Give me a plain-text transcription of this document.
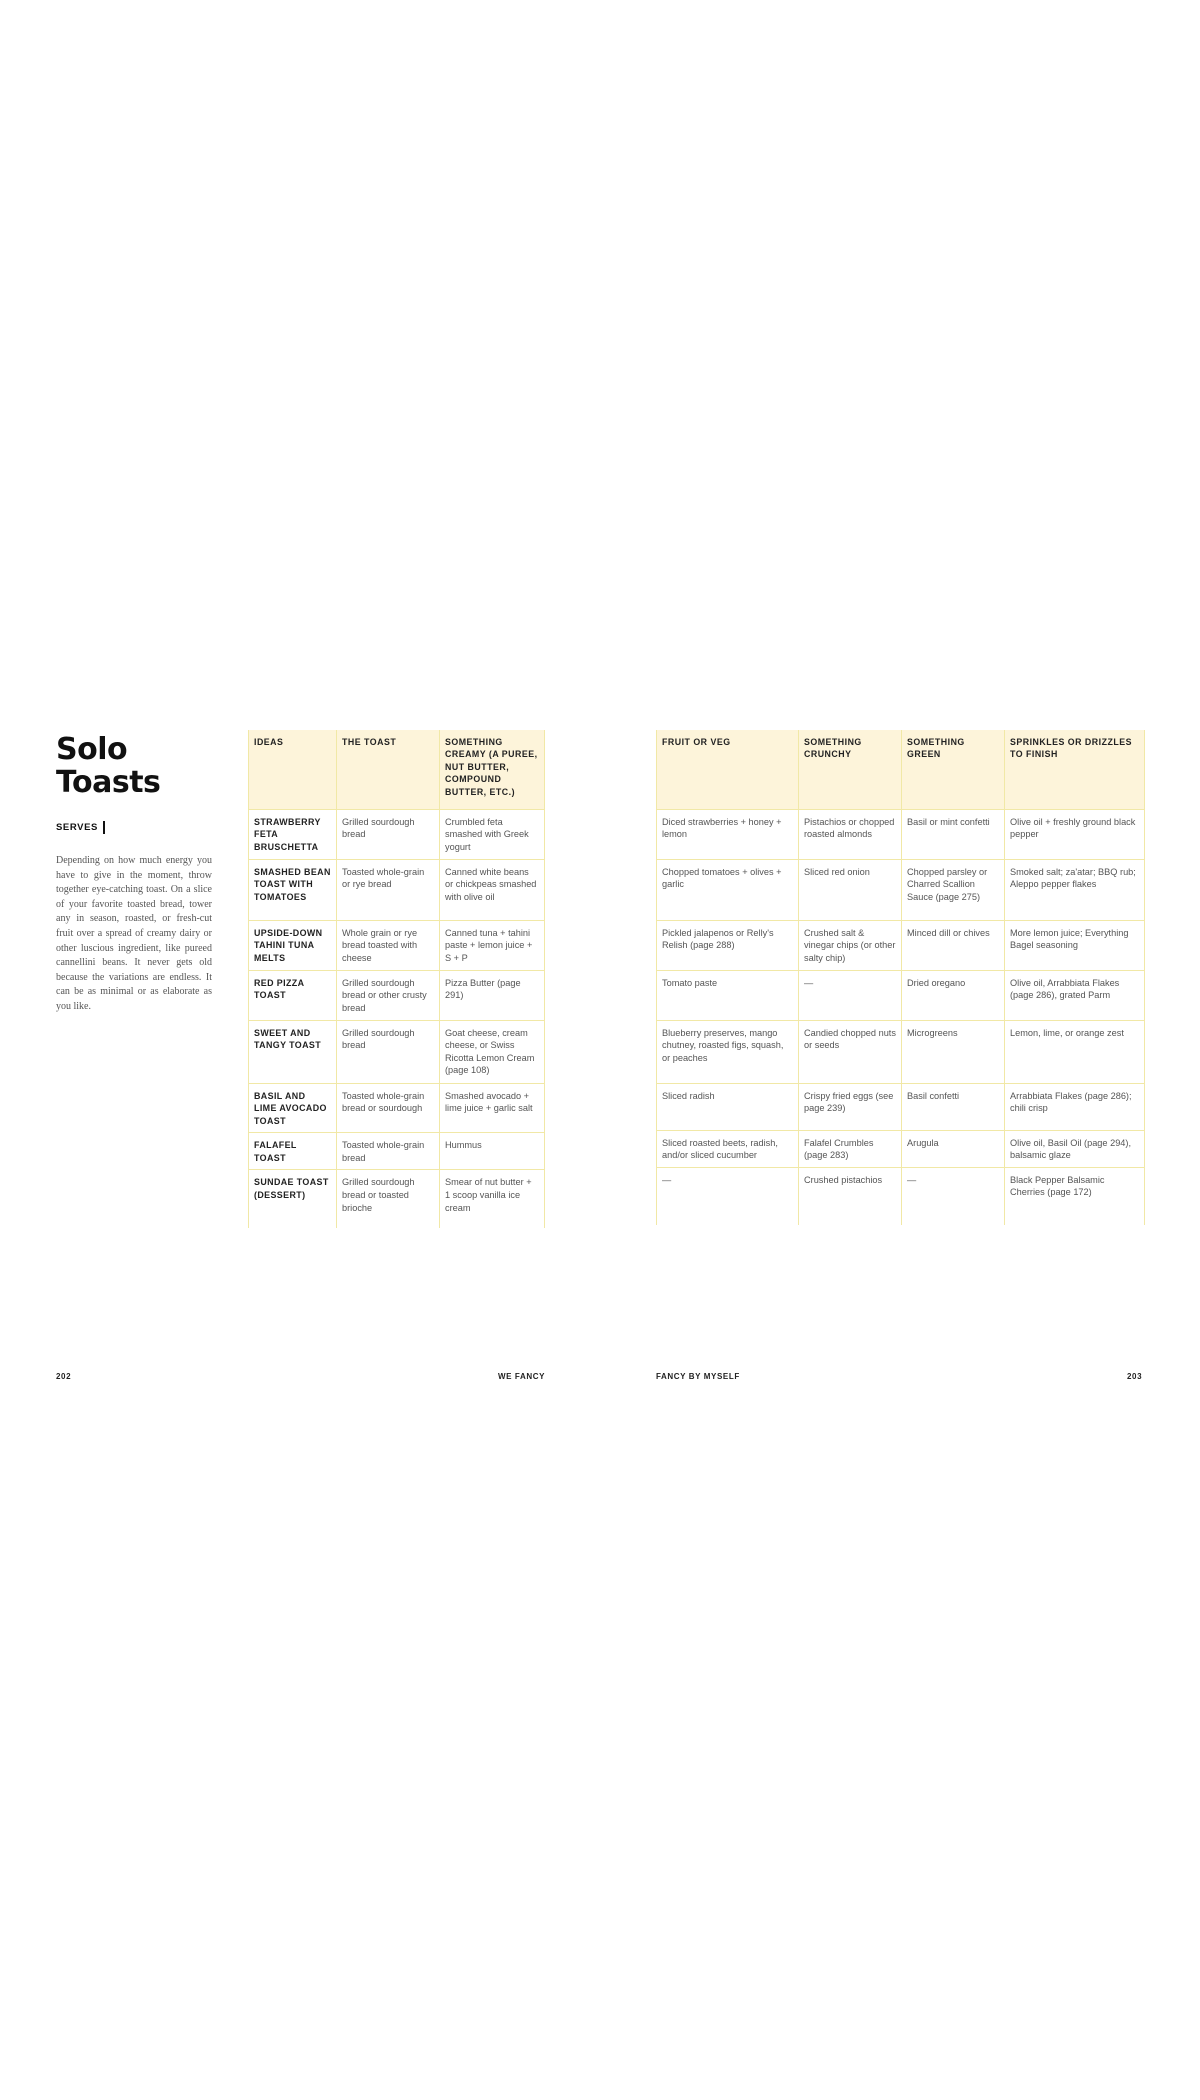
Solo
Toasts
SERVES

Depending on how much energy you have to give in the moment, throw together eye-catching toast. On a slice of your favorite toasted bread, tower any in season, roasted, or fresh-cut fruit over a spread of creamy dairy or other luscious ingredient, like pureed cannellini beans. It never gets old because the variations are endless. It can be as minimal or as elaborate as you like.

IDEAS	THE TOAST	SOMETHING CREAMY (A PUREE, NUT BUTTER, COMPOUND BUTTER, ETC.)
STRAWBERRY FETA BRUSCHETTA	Grilled sourdough bread	Crumbled feta smashed with Greek yogurt
SMASHED BEAN TOAST WITH TOMATOES	Toasted whole-grain or rye bread	Canned white beans or chickpeas smashed with olive oil
UPSIDE-DOWN TAHINI TUNA MELTS	Whole grain or rye bread toasted with cheese	Canned tuna + tahini paste + lemon juice + S + P
RED PIZZA TOAST	Grilled sourdough bread or other crusty bread	Pizza Butter (page 291)
SWEET AND TANGY TOAST	Grilled sourdough bread	Goat cheese, cream cheese, or Swiss Ricotta Lemon Cream (page 108)
BASIL AND LIME AVOCADO TOAST	Toasted whole-grain bread or sourdough	Smashed avocado + lime juice + garlic salt
FALAFEL TOAST	Toasted whole-grain bread	Hummus
SUNDAE TOAST (DESSERT)	Grilled sourdough bread or toasted brioche	Smear of nut butter + 1 scoop vanilla ice cream
FRUIT OR VEG	SOMETHING CRUNCHY	SOMETHING GREEN	SPRINKLES OR DRIZZLES TO FINISH
Diced strawberries + honey + lemon	Pistachios or chopped roasted almonds	Basil or mint confetti	Olive oil + freshly ground black pepper
Chopped tomatoes + olives + garlic	Sliced red onion	Chopped parsley or Charred Scallion Sauce (page 275)	Smoked salt; za'atar; BBQ rub; Aleppo pepper flakes
Pickled jalapenos or Relly's Relish (page 288)	Crushed salt & vinegar chips (or other salty chip)	Minced dill or chives	More lemon juice; Everything Bagel seasoning
Tomato paste	—	Dried oregano	Olive oil, Arrabbiata Flakes (page 286), grated Parm
Blueberry preserves, mango chutney, roasted figs, squash, or peaches	Candied chopped nuts or seeds	Microgreens	Lemon, lime, or orange zest
Sliced radish	Crispy fried eggs (see page 239)	Basil confetti	Arrabbiata Flakes (page 286); chili crisp
Sliced roasted beets, radish, and/or sliced cucumber	Falafel Crumbles (page 283)	Arugula	Olive oil, Basil Oil (page 294), balsamic glaze
—	Crushed pistachios	—	Black Pepper Balsamic Cherries (page 172)
202	WE FANCY	FANCY BY MYSELF	203
